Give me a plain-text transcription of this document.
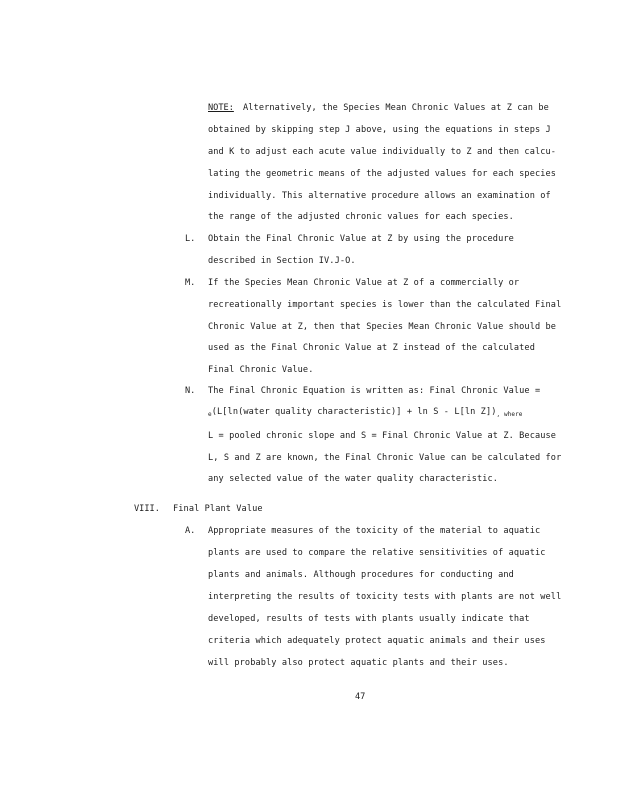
NOTE: Alternatively, the Species Mean Chronic Values at Z can be
obtained by skipping step J above, using the equations in steps J
and K to adjust each acute value individually to Z and then calcu-
lating the geometric means of the adjusted values for each species
individually. This alternative procedure allows an examination of
the range of the adjusted chronic values for each species.
L. Obtain the Final Chronic Value at Z by using the procedure
described in Section IV.J-O.
M. If the Species Mean Chronic Value at Z of a commercially or
recreationally important species is lower than the calculated Final
Chronic Value at Z, then that Species Mean Chronic Value should be
used as the Final Chronic Value at Z instead of the calculated
Final Chronic Value.
N. The Final Chronic Equation is written as: Final Chronic Value =
$_e$(L[ln(water quality characteristic)] + ln S - L[ln $Z])_{, where}$
L = pooled chronic slope and S = Final Chronic Value at Z. Because
L, S and Z are known, the Final Chronic Value can be calculated for
any selected value of the water quality characteristic.
VIII. Final Plant Value
A. Appropriate measures of the toxicity of the material to aquatic
plants are used to compare the relative sensitivities of aquatic
plants and animals. Although procedures for conducting and
interpreting the results of toxicity tests with plants are not well
developed, results of tests with plants usually indicate that
criteria which adequately protect aquatic animals and their uses
will probably also protect aquatic plants and their uses.
47
